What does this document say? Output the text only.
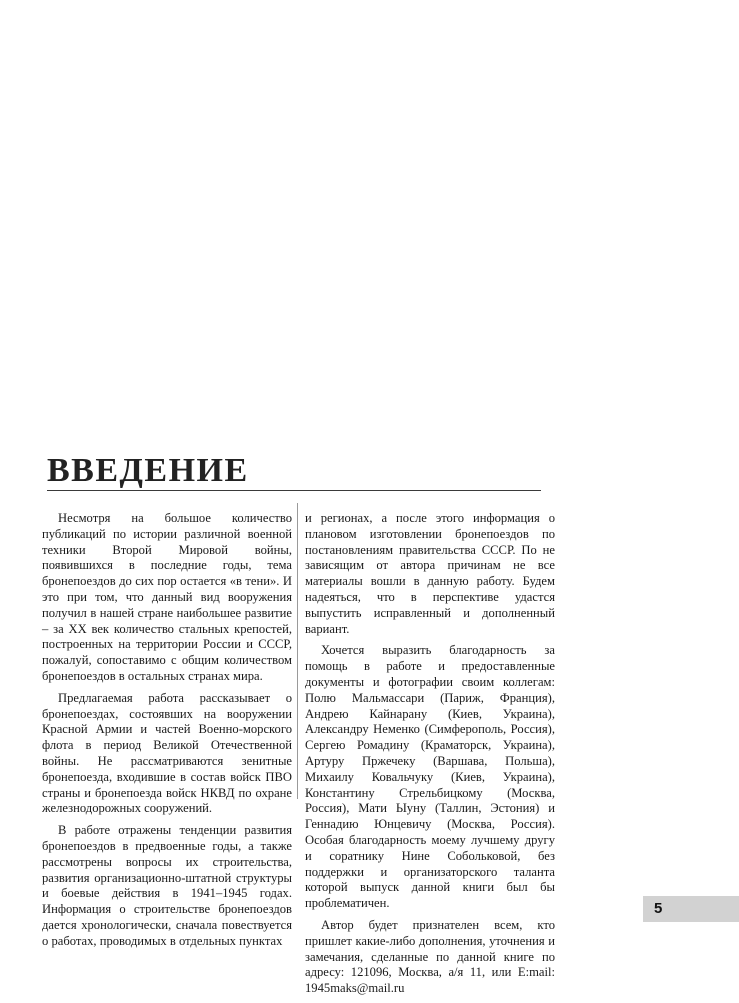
ВВЕДЕНИЕ

Несмотря на большое количество публикаций по истории различной военной техники Второй Мировой войны, появившихся в последние годы, тема бронепоездов до сих пор остается «в тени». И это при том, что данный вид вооружения получил в нашей стране наибольшее развитие – за XX век количество стальных крепостей, построенных на территории России и СССР, пожалуй, сопоставимо с общим количеством бронепоездов в остальных странах мира.

Предлагаемая работа рассказывает о бронепоездах, состоявших на вооружении Красной Армии и частей Военно-морского флота в период Великой Отечественной войны. Не рассматриваются зенитные бронепоезда, входившие в состав войск ПВО страны и бронепоезда войск НКВД по охране железнодорожных сооружений.

В работе отражены тенденции развития бронепоездов в предвоенные годы, а также рассмотрены вопросы их строительства, развития организационно-штатной структуры и боевые действия в 1941–1945 годах. Информация о строительстве бронепоездов дается хронологически, сначала повествуется о работах, проводимых в отдельных пунктах

и регионах, а после этого информация о плановом изготовлении бронепоездов по постановлениям правительства СССР. По не зависящим от автора причинам не все материалы вошли в данную работу. Будем надеяться, что в перспективе удастся выпустить исправленный и дополненный вариант.

Хочется выразить благодарность за помощь в работе и предоставленные документы и фотографии своим коллегам: Полю Мальмассари (Париж, Франция), Андрею Кайнарану (Киев, Украина), Александру Неменко (Симферополь, Россия), Сергею Ромадину (Краматорск, Украина), Артуру Пржечеку (Варшава, Польша), Михаилу Ковальчуку (Киев, Украина), Константину Стрельбицкому (Москва, Россия), Мати Ыуну (Таллин, Эстония) и Геннадию Юнцевичу (Москва, Россия). Особая благодарность моему лучшему другу и соратнику Нине Собольковой, без поддержки и организаторского таланта которой выпуск данной книги был бы проблематичен.

Автор будет признателен всем, кто пришлет какие-либо дополнения, уточнения и замечания, сделанные по данной книге по адресу: 121096, Москва, а/я 11, или E:mail: 1945maks@mail.ru

5
